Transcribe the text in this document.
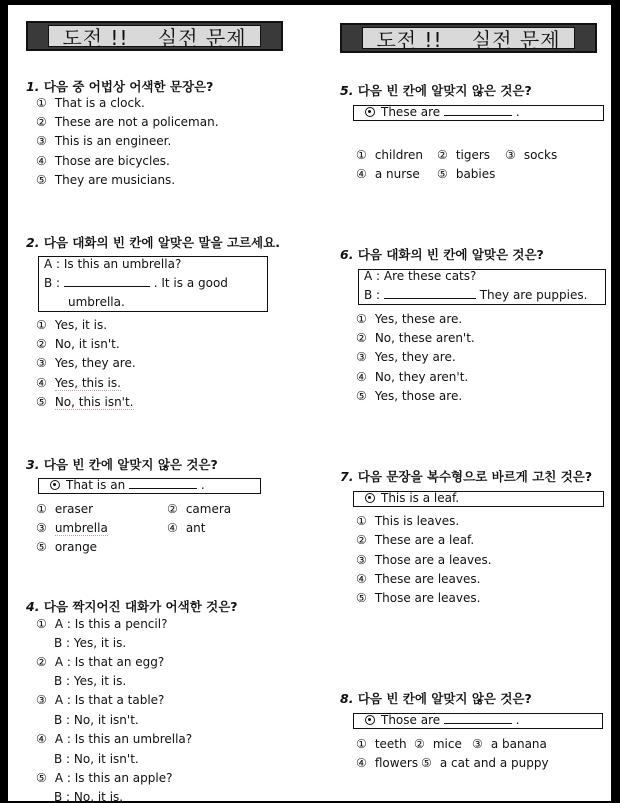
도전 !!    실전 문제	도전 !!    실전 문제
1. 다음 중 어법상 어색한 문장은?
① That is a clock.
② These are not a policeman.
③ This is an engineer.
④ Those are bicycles.
⑤ They are musicians.
2. 다음 대화의 빈 칸에 알맞은 말을 고르세요.
A : Is this an umbrella?
B :	. It is a good
umbrella.
① Yes, it is.
② No, it isn't.
③ Yes, they are.
④ Yes, this is.
⑤ No, this isn't.
3. 다음 빈 칸에 알맞지 않은 것은?
That is an	.
① eraser	② camera
③ umbrella	④ ant
⑤ orange
4. 다음 짝지어진 대화가 어색한 것은?
① A : Is this a pencil?
B : Yes, it is.
② A : Is that an egg?
B : Yes, it is.
③ A : Is that a table?
B : No, it isn't.
④ A : Is this an umbrella?
B : No, it isn't.
⑤ A : Is this an apple?
B : No, it is.
5. 다음 빈 칸에 알맞지 않은 것은?
These are	.
① children ② tigers ③ socks
④ a nurse ⑤ babies
6. 다음 대화의 빈 칸에 알맞은 것은?
A : Are these cats?
B :	They are puppies.
① Yes, these are.
② No, these aren't.
③ Yes, they are.
④ No, they aren't.
⑤ Yes, those are.
7. 다음 문장을 복수형으로 바르게 고친 것은?
This is a leaf.
① This is leaves.
② These are a leaf.
③ Those are a leaves.
④ These are leaves.
⑤ Those are leaves.
8. 다음 빈 칸에 알맞지 않은 것은?
Those are	.
① teeth ② mice ③ a banana
④ flowers ⑤ a cat and a puppy
